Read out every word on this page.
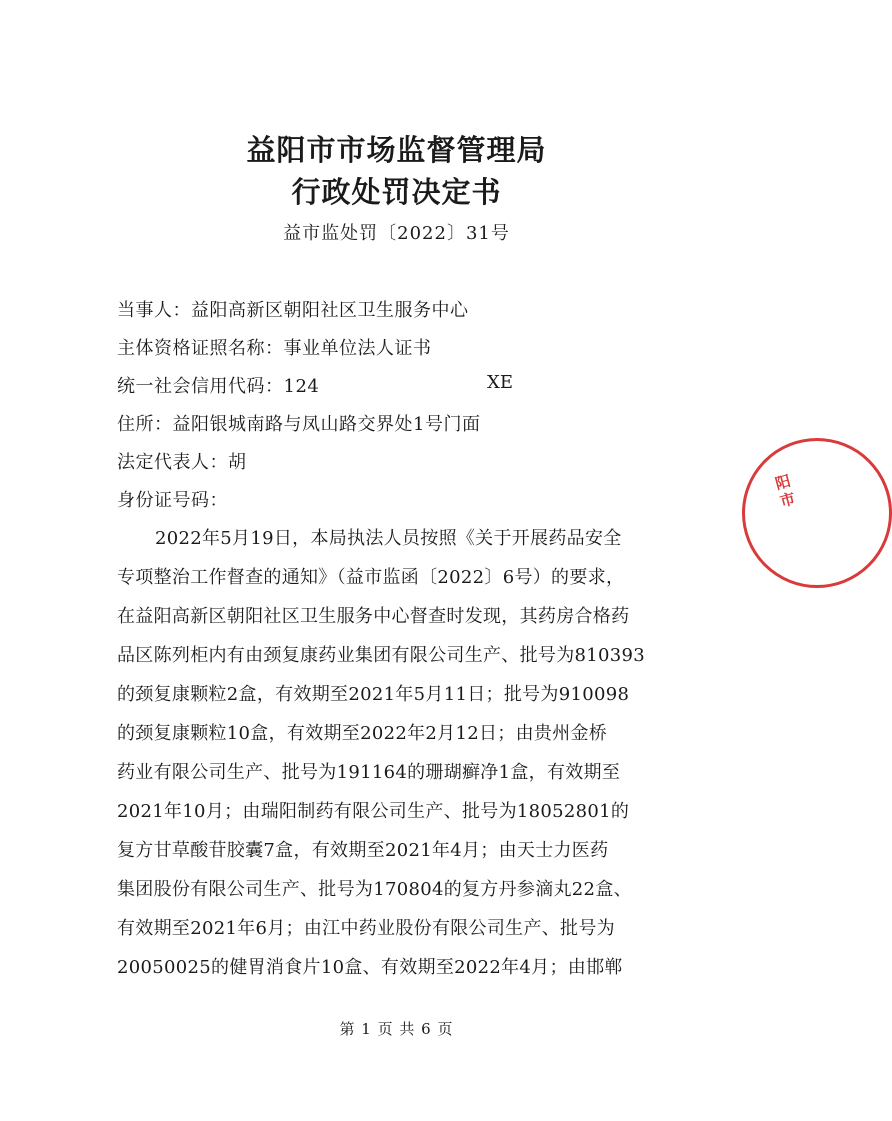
益阳市市场监督管理局
行政处罚决定书
益市监处罚〔2022〕31号
当事人：益阳高新区朝阳社区卫生服务中心
主体资格证照名称：事业单位法人证书
统一社会信用代码：124	XE
住所：益阳银城南路与凤山路交界处1号门面
法定代表人：胡
身份证号码：
2022年5月19日，本局执法人员按照《关于开展药品安全
专项整治工作督查的通知》（益市监函〔2022〕6号）的要求，
在益阳高新区朝阳社区卫生服务中心督查时发现，其药房合格药
品区陈列柜内有由颈复康药业集团有限公司生产、批号为810393
的颈复康颗粒2盒，有效期至2021年5月11日；批号为910098
的颈复康颗粒10盒，有效期至2022年2月12日；由贵州金桥
药业有限公司生产、批号为191164的珊瑚癣净1盒，有效期至
2021年10月；由瑞阳制药有限公司生产、批号为18052801的
复方甘草酸苷胶囊7盒，有效期至2021年4月；由天士力医药
集团股份有限公司生产、批号为170804的复方丹参滴丸22盒、
有效期至2021年6月；由江中药业股份有限公司生产、批号为
20050025的健胃消食片10盒、有效期至2022年4月；由邯郸
第 1 页 共 6 页
阳市
